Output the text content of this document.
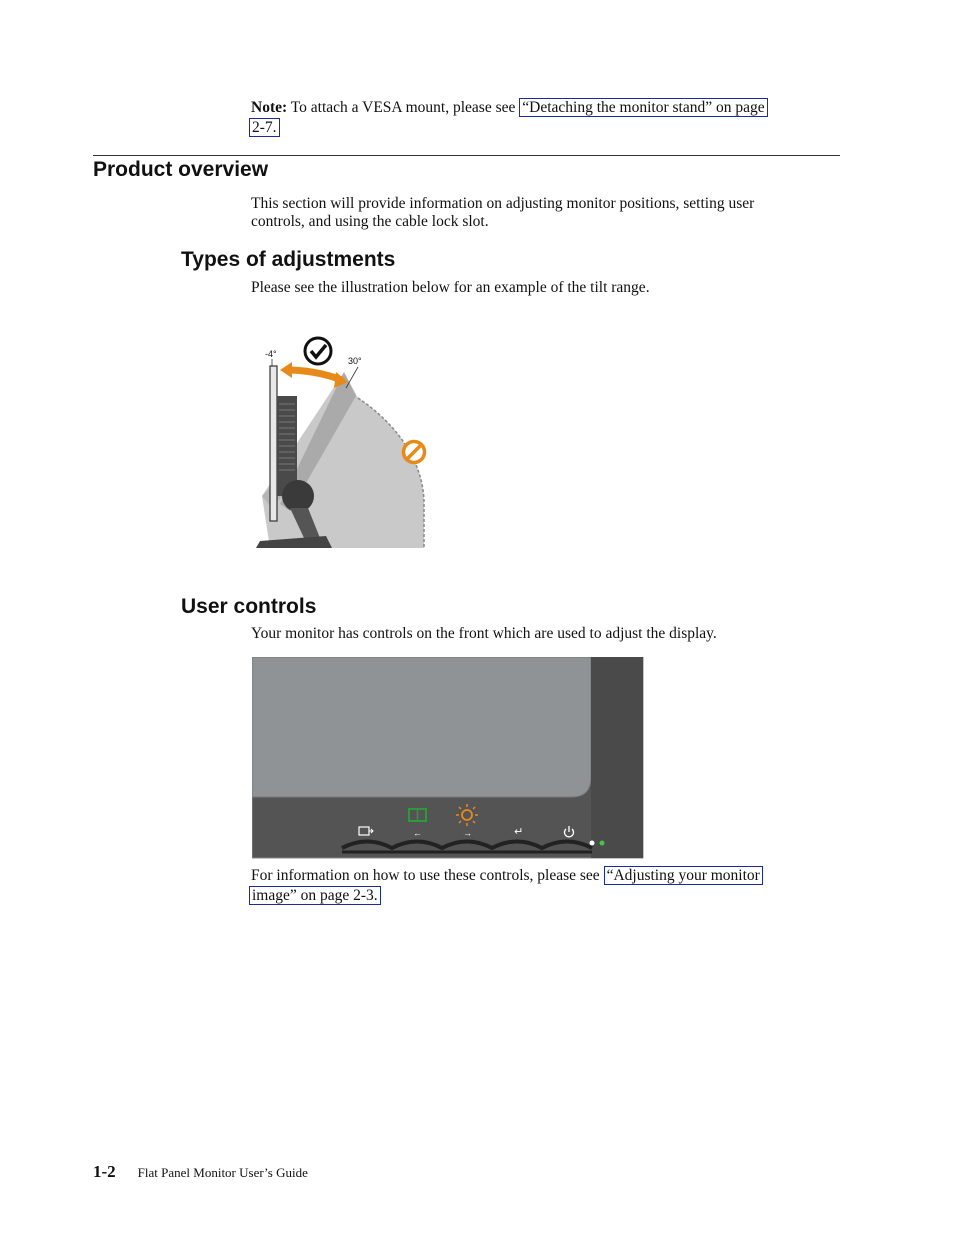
Note: To attach a VESA mount, please see “Detaching the monitor stand” on page
2-7.
Product overview
This section will provide information on adjusting monitor positions, setting user
controls, and using the cable lock slot.
Types of adjustments
Please see the illustration below for an example of the tilt range.
-4°
30°
User controls
Your monitor has controls on the front which are used to adjust the display.
←	→	↵
For information on how to use these controls, please see “Adjusting your monitor
image” on page 2-3.
1-2 Flat Panel Monitor User’s Guide
